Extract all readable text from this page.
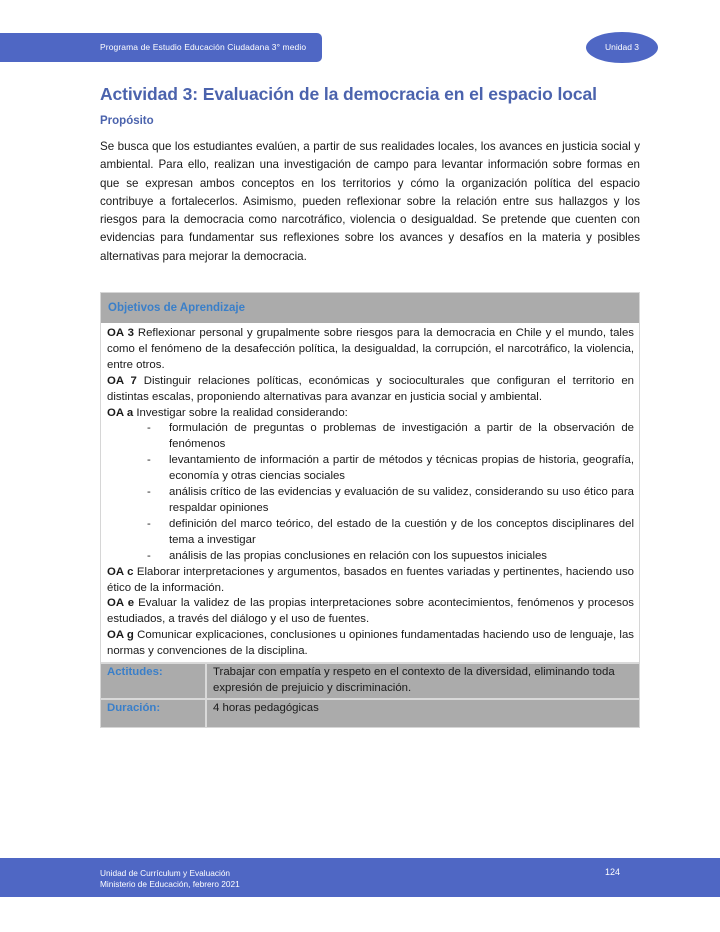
Programa de Estudio Educación Ciudadana 3° medio	Unidad 3
Actividad 3: Evaluación de la democracia en el espacio local
Propósito

Se busca que los estudiantes evalúen, a partir de sus realidades locales, los avances en justicia social y ambiental. Para ello, realizan una investigación de campo para levantar información sobre formas en que se expresan ambos conceptos en los territorios y cómo la organización política del espacio contribuye a fortalecerlos. Asimismo, pueden reflexionar sobre la relación entre sus hallazgos y los riesgos para la democracia como narcotráfico, violencia o desigualdad. Se pretende que cuenten con evidencias para fundamentar sus reflexiones sobre los avances y desafíos en la materia y posibles alternativas para mejorar la democracia.

Objetivos de Aprendizaje

OA 3 Reflexionar personal y grupalmente sobre riesgos para la democracia en Chile y el mundo, tales como el fenómeno de la desafección política, la desigualdad, la corrupción, el narcotráfico, la violencia, entre otros.

OA 7 Distinguir relaciones políticas, económicas y socioculturales que configuran el territorio en distintas escalas, proponiendo alternativas para avanzar en justicia social y ambiental.

OA a Investigar sobre la realidad considerando:

- formulación de preguntas o problemas de investigación a partir de la observación de fenómenos
- levantamiento de información a partir de métodos y técnicas propias de historia, geografía, economía y otras ciencias sociales
- análisis crítico de las evidencias y evaluación de su validez, considerando su uso ético para respaldar opiniones
- definición del marco teórico, del estado de la cuestión y de los conceptos disciplinares del tema a investigar
- análisis de las propias conclusiones en relación con los supuestos iniciales

OA c Elaborar interpretaciones y argumentos, basados en fuentes variadas y pertinentes, haciendo uso ético de la información.

OA e Evaluar la validez de las propias interpretaciones sobre acontecimientos, fenómenos y procesos estudiados, a través del diálogo y el uso de fuentes.

OA g Comunicar explicaciones, conclusiones u opiniones fundamentadas haciendo uso de lenguaje, las normas y convenciones de la disciplina.

Actitudes:	Trabajar con empatía y respeto en el contexto de la diversidad, eliminando toda expresión de prejuicio y discriminación.
Duración:	4 horas pedagógicas
Unidad de Currículum y Evaluación
Ministerio de Educación, febrero 2021
124
